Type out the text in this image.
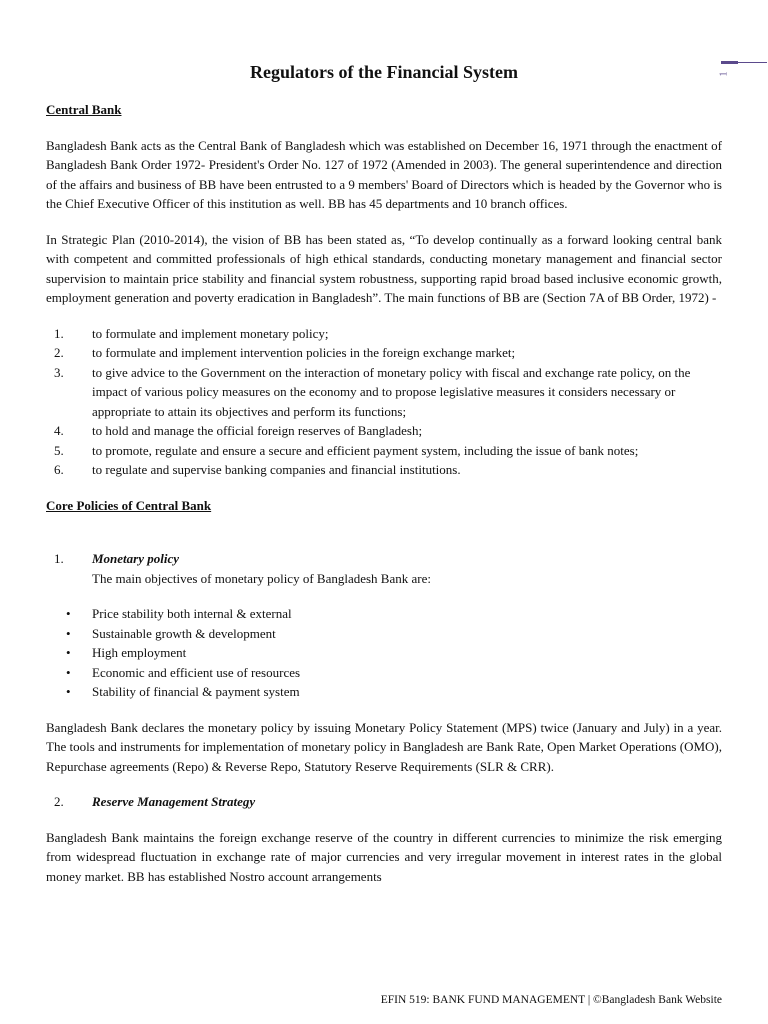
1
Regulators of the Financial System
Central Bank
Bangladesh Bank acts as the Central Bank of Bangladesh which was established on December 16, 1971 through the enactment of Bangladesh Bank Order 1972- President's Order No. 127 of 1972 (Amended in 2003). The general superintendence and direction of the affairs and business of BB have been entrusted to a 9 members' Board of Directors which is headed by the Governor who is the Chief Executive Officer of this institution as well. BB has 45 departments and 10 branch offices.
In Strategic Plan (2010-2014), the vision of BB has been stated as, “To develop continually as a forward looking central bank with competent and committed professionals of high ethical standards, conducting monetary management and financial sector supervision to maintain price stability and financial system robustness, supporting rapid broad based inclusive economic growth, employment generation and poverty eradication in Bangladesh”. The main functions of BB are (Section 7A of BB Order, 1972) -
1. to formulate and implement monetary policy;
2. to formulate and implement intervention policies in the foreign exchange market;
3. to give advice to the Government on the interaction of monetary policy with fiscal and exchange rate policy, on the impact of various policy measures on the economy and to propose legislative measures it considers necessary or appropriate to attain its objectives and perform its functions;
4. to hold and manage the official foreign reserves of Bangladesh;
5. to promote, regulate and ensure a secure and efficient payment system, including the issue of bank notes;
6. to regulate and supervise banking companies and financial institutions.
Core Policies of Central Bank
1. Monetary policy
The main objectives of monetary policy of Bangladesh Bank are:
• Price stability both internal & external
• Sustainable growth & development
• High employment
• Economic and efficient use of resources
• Stability of financial & payment system
Bangladesh Bank declares the monetary policy by issuing Monetary Policy Statement (MPS) twice (January and July) in a year. The tools and instruments for implementation of monetary policy in Bangladesh are Bank Rate, Open Market Operations (OMO), Repurchase agreements (Repo) & Reverse Repo, Statutory Reserve Requirements (SLR & CRR).
2. Reserve Management Strategy
Bangladesh Bank maintains the foreign exchange reserve of the country in different currencies to minimize the risk emerging from widespread fluctuation in exchange rate of major currencies and very irregular movement in interest rates in the global money market. BB has established Nostro account arrangements
EFIN 519: BANK FUND MANAGEMENT | ©Bangladesh Bank Website
